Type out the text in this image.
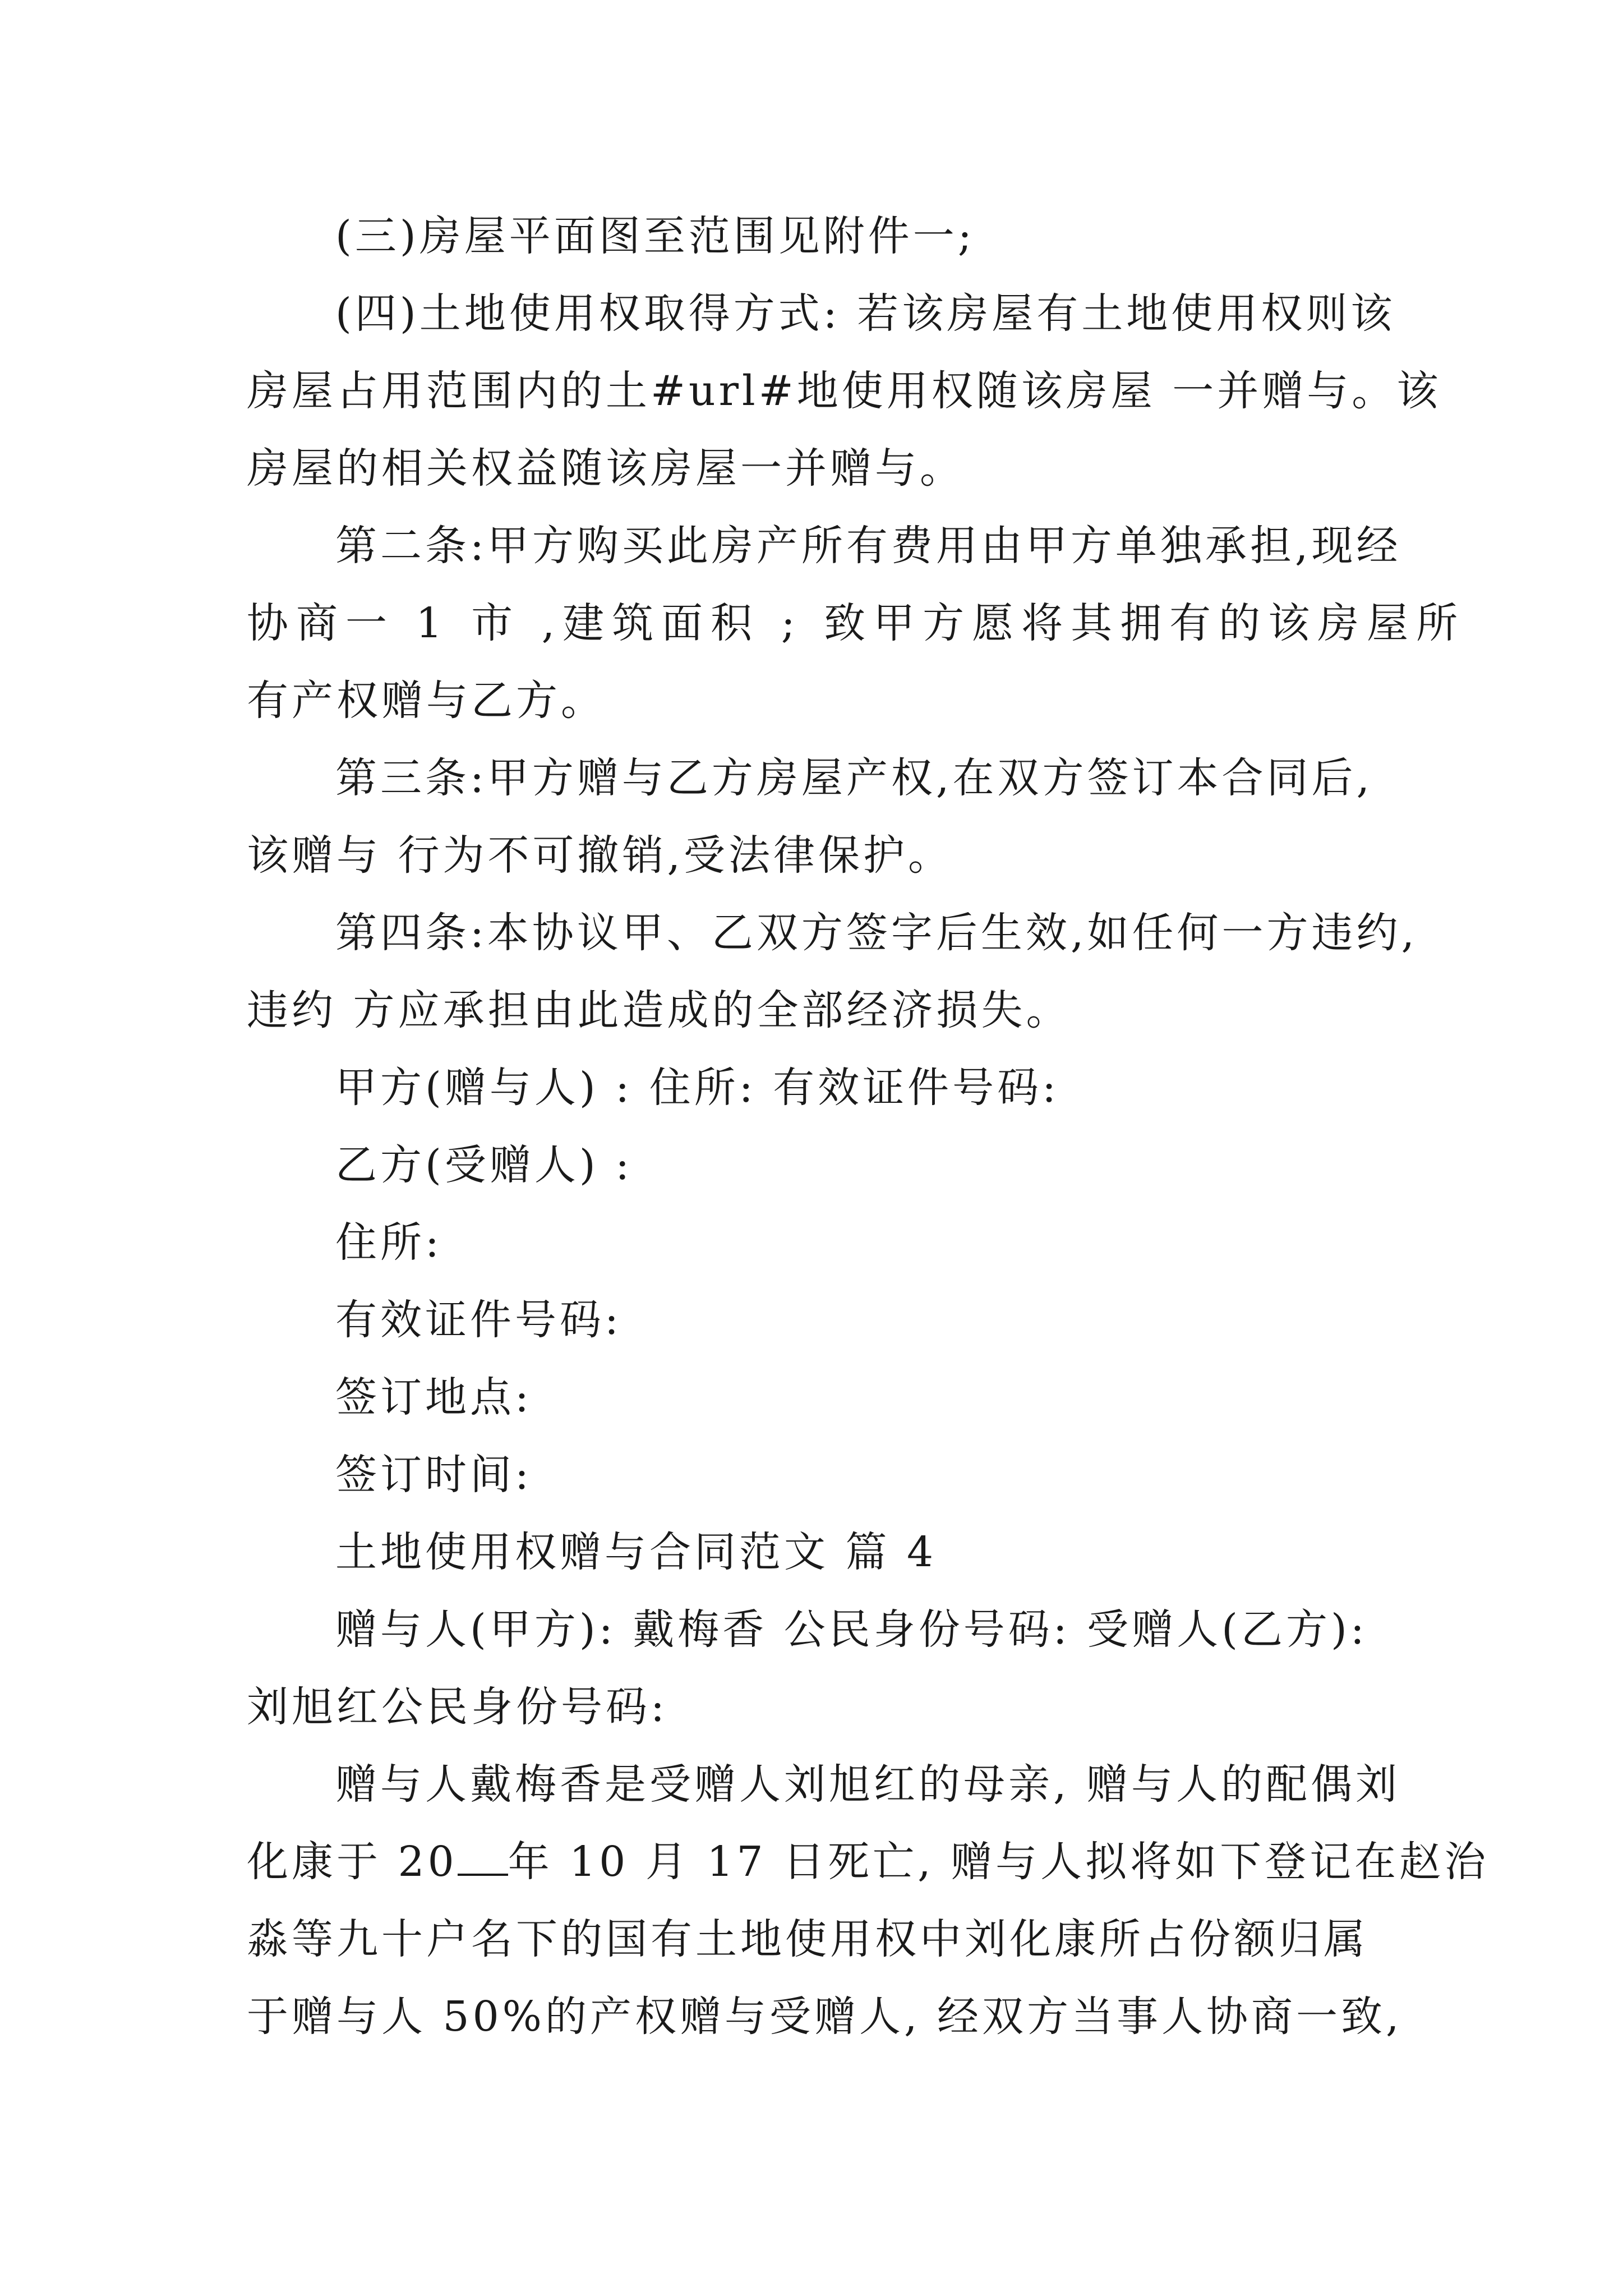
(三)房屋平面图至范围见附件一;
(四)土地使用权取得方式: 若该房屋有土地使用权则该
房屋占用范围内的土#url#地使用权随该房屋 一并赠与。该
房屋的相关权益随该房屋一并赠与。
第二条:甲方购买此房产所有费用由甲方单独承担,现经
协商一 1 市 ,建筑面积 ; 致甲方愿将其拥有的该房屋所
有产权赠与乙方。
第三条:甲方赠与乙方房屋产权,在双方签订本合同后,
该赠与 行为不可撤销,受法律保护。
第四条:本协议甲、乙双方签字后生效,如任何一方违约,
违约 方应承担由此造成的全部经济损失。
甲方(赠与人) : 住所: 有效证件号码:
乙方(受赠人) :
住所:
有效证件号码:
签订地点:
签订时间:
土地使用权赠与合同范文 篇 4
赠与人(甲方): 戴梅香 公民身份号码: 受赠人(乙方):
刘旭红公民身份号码:
赠与人戴梅香是受赠人刘旭红的母亲, 赠与人的配偶刘
化康于 20 年 10 月 17 日死亡, 赠与人拟将如下登记在赵治
淼等九十户名下的国有土地使用权中刘化康所占份额归属
于赠与人 50%的产权赠与受赠人, 经双方当事人协商一致,
